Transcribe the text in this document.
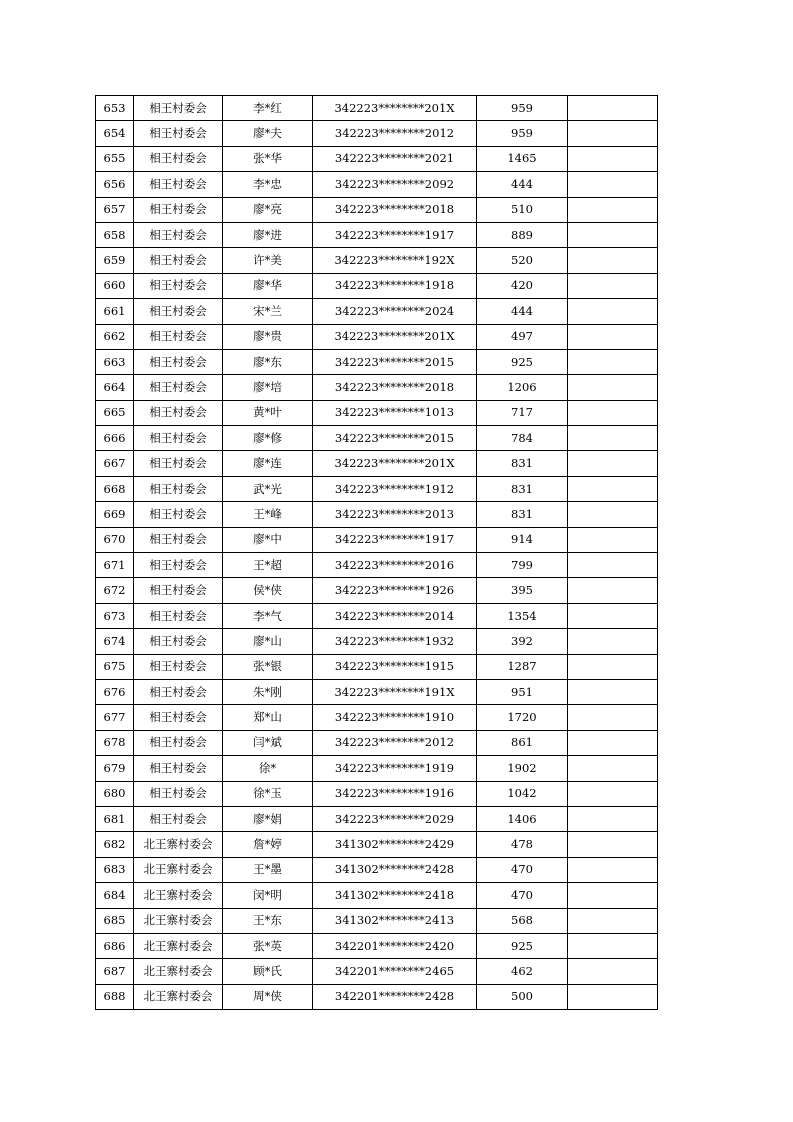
653	相王村委会	李*红	342223********201X	959	
654	相王村委会	廖*夫	342223********2012	959	
655	相王村委会	张*华	342223********2021	1465	
656	相王村委会	李*忠	342223********2092	444	
657	相王村委会	廖*亮	342223********2018	510	
658	相王村委会	廖*进	342223********1917	889	
659	相王村委会	许*美	342223********192X	520	
660	相王村委会	廖*华	342223********1918	420	
661	相王村委会	宋*兰	342223********2024	444	
662	相王村委会	廖*贵	342223********201X	497	
663	相王村委会	廖*东	342223********2015	925	
664	相王村委会	廖*培	342223********2018	1206	
665	相王村委会	黄*叶	342223********1013	717	
666	相王村委会	廖*修	342223********2015	784	
667	相王村委会	廖*连	342223********201X	831	
668	相王村委会	武*光	342223********1912	831	
669	相王村委会	王*峰	342223********2013	831	
670	相王村委会	廖*中	342223********1917	914	
671	相王村委会	王*超	342223********2016	799	
672	相王村委会	侯*侠	342223********1926	395	
673	相王村委会	李*气	342223********2014	1354	
674	相王村委会	廖*山	342223********1932	392	
675	相王村委会	张*银	342223********1915	1287	
676	相王村委会	朱*刚	342223********191X	951	
677	相王村委会	郑*山	342223********1910	1720	
678	相王村委会	闫*斌	342223********2012	861	
679	相王村委会	徐*	342223********1919	1902	
680	相王村委会	徐*玉	342223********1916	1042	
681	相王村委会	廖*娟	342223********2029	1406	
682	北王寨村委会	詹*婷	341302********2429	478	
683	北王寨村委会	王*墨	341302********2428	470	
684	北王寨村委会	闵*明	341302********2418	470	
685	北王寨村委会	王*东	341302********2413	568	
686	北王寨村委会	张*英	342201********2420	925	
687	北王寨村委会	顾*氏	342201********2465	462	
688	北王寨村委会	周*侠	342201********2428	500	
